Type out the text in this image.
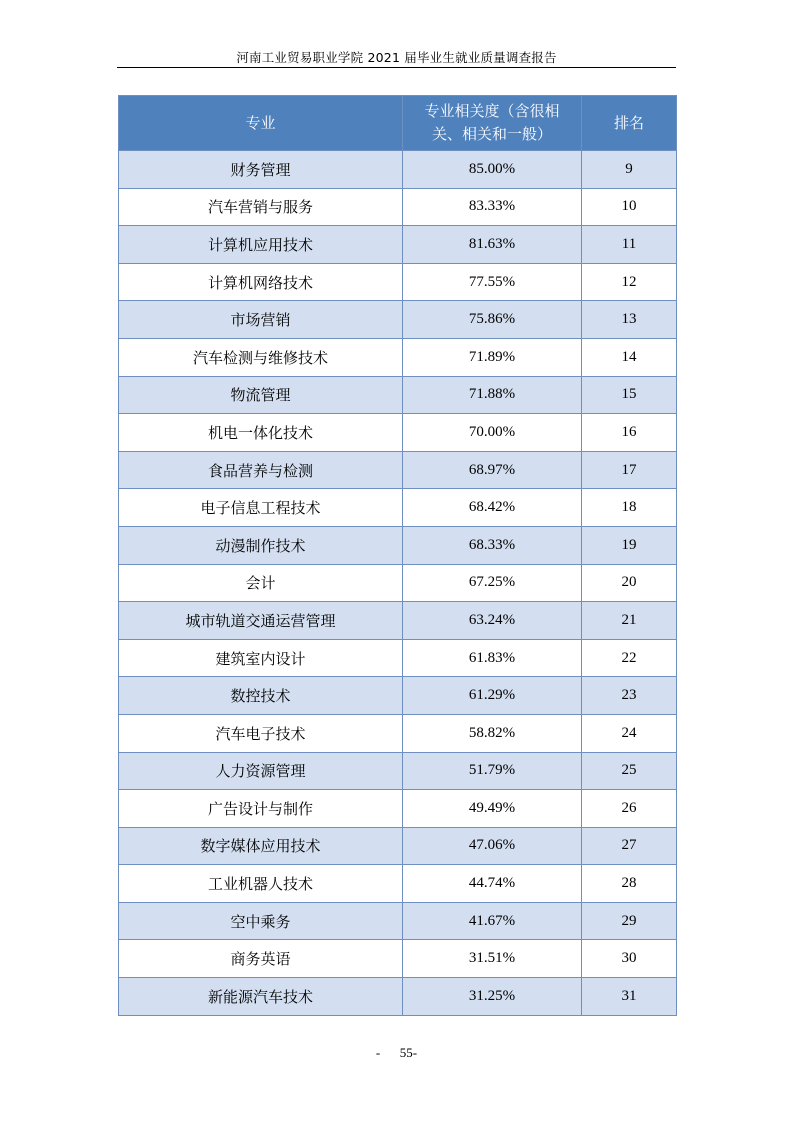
河南工业贸易职业学院 2021 届毕业生就业质量调查报告
专业	专业相关度（含很相关、相关和一般）	排名
财务管理	85.00%	9
汽车营销与服务	83.33%	10
计算机应用技术	81.63%	11
计算机网络技术	77.55%	12
市场营销	75.86%	13
汽车检测与维修技术	71.89%	14
物流管理	71.88%	15
机电一体化技术	70.00%	16
食品营养与检测	68.97%	17
电子信息工程技术	68.42%	18
动漫制作技术	68.33%	19
会计	67.25%	20
城市轨道交通运营管理	63.24%	21
建筑室内设计	61.83%	22
数控技术	61.29%	23
汽车电子技术	58.82%	24
人力资源管理	51.79%	25
广告设计与制作	49.49%	26
数字媒体应用技术	47.06%	27
工业机器人技术	44.74%	28
空中乘务	41.67%	29
商务英语	31.51%	30
新能源汽车技术	31.25%	31
-      55-
